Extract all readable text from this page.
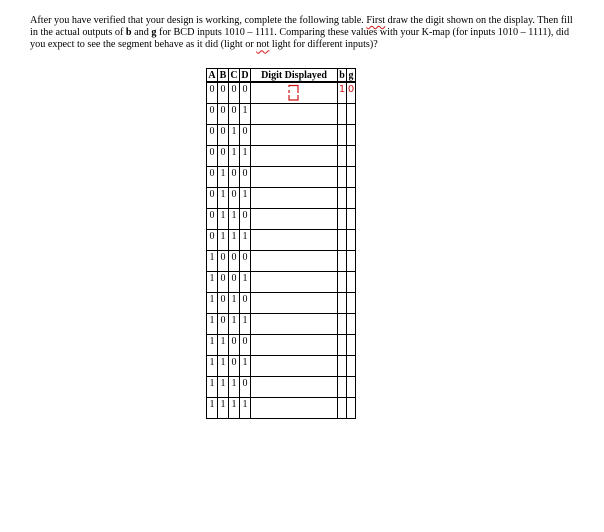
After you have verified that your design is working, complete the following table. First draw the digit shown on the display. Then fill in the actual outputs of b and g for BCD inputs 1010 – 1111. Comparing these values with your K-map (for inputs 1010 – 1111), did you expect to see the segment behave as it did (light or not light for different inputs)?

A	B	C	D	Digit Displayed	b	g
0	0	0	0		1	0
0	0	0	1			
0	0	1	0			
0	0	1	1			
0	1	0	0			
0	1	0	1			
0	1	1	0			
0	1	1	1			
1	0	0	0			
1	0	0	1			
1	0	1	0			
1	0	1	1			
1	1	0	0			
1	1	0	1			
1	1	1	0			
1	1	1	1			
